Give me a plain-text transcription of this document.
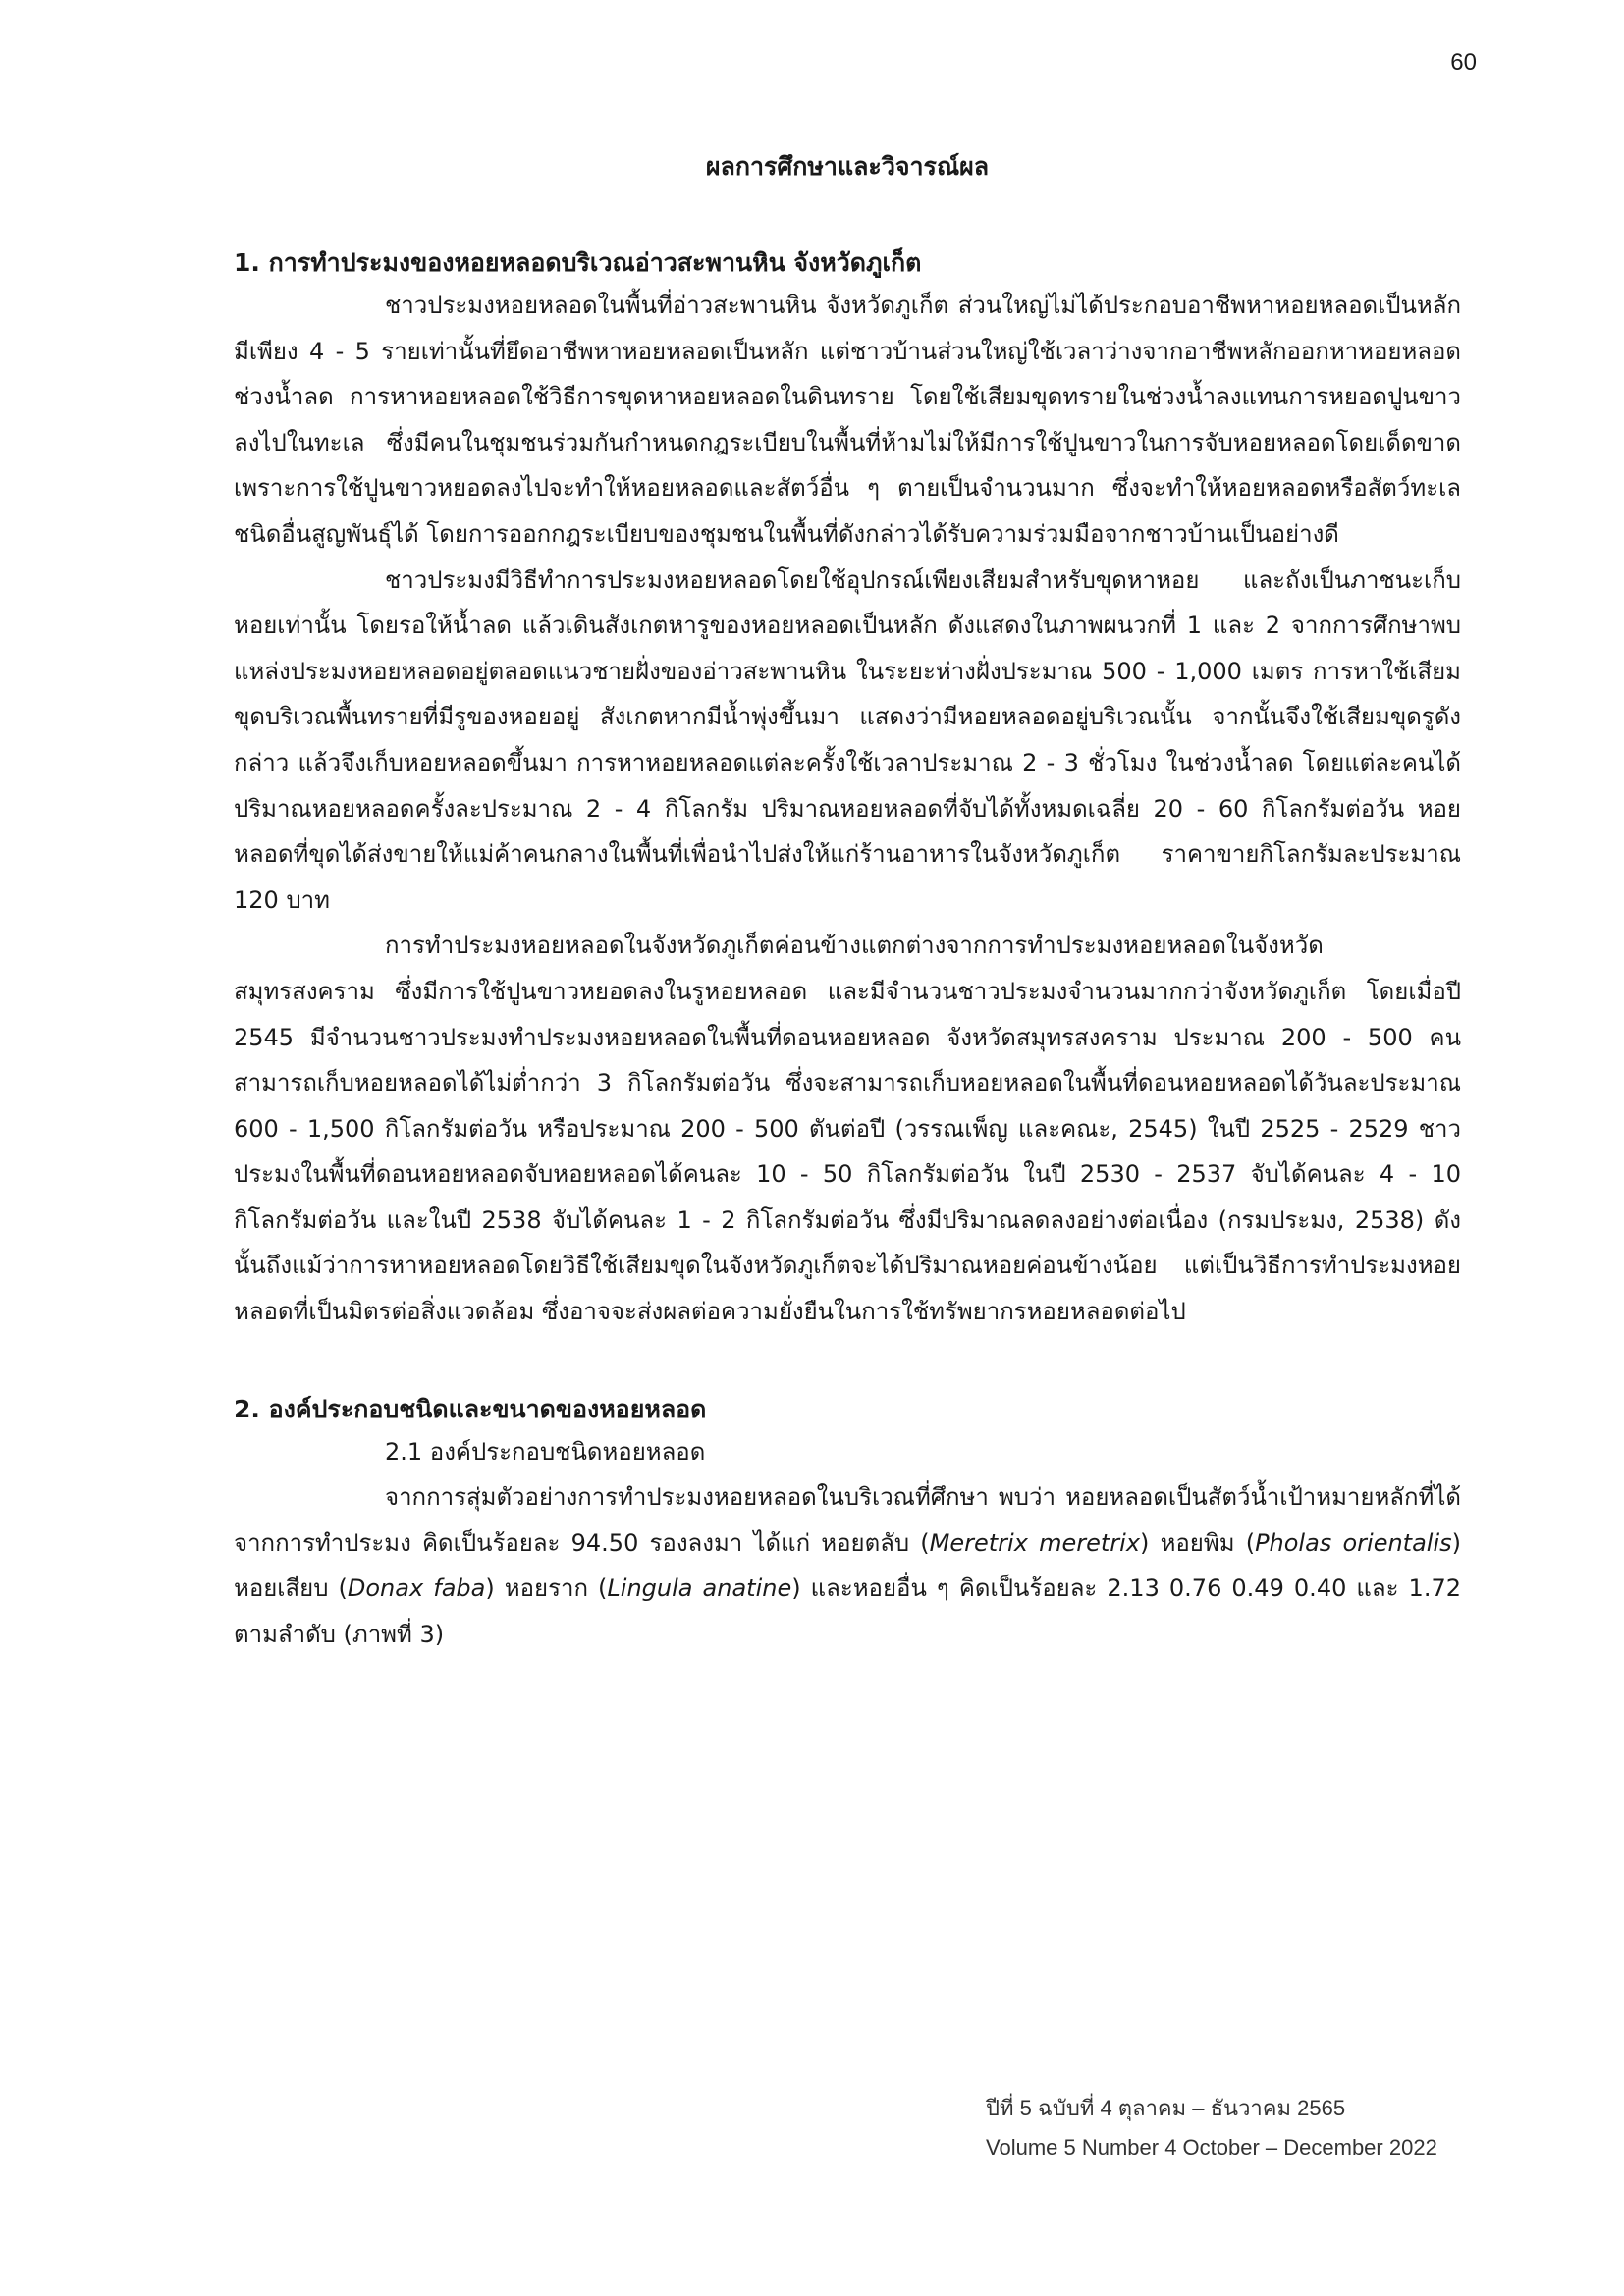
60
ผลการศึกษาและวิจารณ์ผล
1. การทำประมงของหอยหลอดบริเวณอ่าวสะพานหิน จังหวัดภูเก็ต

ชาวประมงหอยหลอดในพื้นที่อ่าวสะพานหิน จังหวัดภูเก็ต ส่วนใหญ่ไม่ได้ประกอบอาชีพหาหอยหลอดเป็นหลัก มีเพียง 4 - 5 รายเท่านั้นที่ยึดอาชีพหาหอยหลอดเป็นหลัก แต่ชาวบ้านส่วนใหญ่ใช้เวลาว่างจากอาชีพหลักออกหาหอยหลอดช่วงน้ำลด การหาหอยหลอดใช้วิธีการขุดหาหอยหลอดในดินทราย โดยใช้เสียมขุดทรายในช่วงน้ำลงแทนการหยอดปูนขาวลงไปในทะเล ซึ่งมีคนในชุมชนร่วมกันกำหนดกฎระเบียบในพื้นที่ห้ามไม่ให้มีการใช้ปูนขาวในการจับหอยหลอดโดยเด็ดขาด เพราะการใช้ปูนขาวหยอดลงไปจะทำให้หอยหลอดและสัตว์อื่น ๆ ตายเป็นจำนวนมาก ซึ่งจะทำให้หอยหลอดหรือสัตว์ทะเลชนิดอื่นสูญพันธุ์ได้ โดยการออกกฎระเบียบของชุมชนในพื้นที่ดังกล่าวได้รับความร่วมมือจากชาวบ้านเป็นอย่างดี

ชาวประมงมีวิธีทำการประมงหอยหลอดโดยใช้อุปกรณ์เพียงเสียมสำหรับขุดหาหอย และถังเป็นภาชนะเก็บหอยเท่านั้น โดยรอให้น้ำลด แล้วเดินสังเกตหารูของหอยหลอดเป็นหลัก ดังแสดงในภาพผนวกที่ 1 และ 2 จากการศึกษาพบแหล่งประมงหอยหลอดอยู่ตลอดแนวชายฝั่งของอ่าวสะพานหิน ในระยะห่างฝั่งประมาณ 500 - 1,000 เมตร การหาใช้เสียมขุดบริเวณพื้นทรายที่มีรูของหอยอยู่ สังเกตหากมีน้ำพุ่งขึ้นมา แสดงว่ามีหอยหลอดอยู่บริเวณนั้น จากนั้นจึงใช้เสียมขุดรูดังกล่าว แล้วจึงเก็บหอยหลอดขึ้นมา การหาหอยหลอดแต่ละครั้งใช้เวลาประมาณ 2 - 3 ชั่วโมง ในช่วงน้ำลด โดยแต่ละคนได้ปริมาณหอยหลอดครั้งละประมาณ 2 - 4 กิโลกรัม ปริมาณหอยหลอดที่จับได้ทั้งหมดเฉลี่ย 20 - 60 กิโลกรัมต่อวัน หอยหลอดที่ขุดได้ส่งขายให้แม่ค้าคนกลางในพื้นที่เพื่อนำไปส่งให้แก่ร้านอาหารในจังหวัดภูเก็ต ราคาขายกิโลกรัมละประมาณ 120 บาท

การทำประมงหอยหลอดในจังหวัดภูเก็ตค่อนข้างแตกต่างจากการทำประมงหอยหลอดในจังหวัดสมุทรสงคราม ซึ่งมีการใช้ปูนขาวหยอดลงในรูหอยหลอด และมีจำนวนชาวประมงจำนวนมากกว่าจังหวัดภูเก็ต โดยเมื่อปี 2545 มีจำนวนชาวประมงทำประมงหอยหลอดในพื้นที่ดอนหอยหลอด จังหวัดสมุทรสงคราม ประมาณ 200 - 500 คน สามารถเก็บหอยหลอดได้ไม่ต่ำกว่า 3 กิโลกรัมต่อวัน ซึ่งจะสามารถเก็บหอยหลอดในพื้นที่ดอนหอยหลอดได้วันละประมาณ 600 - 1,500 กิโลกรัมต่อวัน หรือประมาณ 200 - 500 ตันต่อปี (วรรณเพ็ญ และคณะ, 2545) ในปี 2525 - 2529 ชาวประมงในพื้นที่ดอนหอยหลอดจับหอยหลอดได้คนละ 10 - 50 กิโลกรัมต่อวัน ในปี 2530 - 2537 จับได้คนละ 4 - 10 กิโลกรัมต่อวัน และในปี 2538 จับได้คนละ 1 - 2 กิโลกรัมต่อวัน ซึ่งมีปริมาณลดลงอย่างต่อเนื่อง (กรมประมง, 2538) ดังนั้นถึงแม้ว่าการหาหอยหลอดโดยวิธีใช้เสียมขุดในจังหวัดภูเก็ตจะได้ปริมาณหอยค่อนข้างน้อย แต่เป็นวิธีการทำประมงหอยหลอดที่เป็นมิตรต่อสิ่งแวดล้อม ซึ่งอาจจะส่งผลต่อความยั่งยืนในการใช้ทรัพยากรหอยหลอดต่อไป

2. องค์ประกอบชนิดและขนาดของหอยหลอด

2.1 องค์ประกอบชนิดหอยหลอด

จากการสุ่มตัวอย่างการทำประมงหอยหลอดในบริเวณที่ศึกษา พบว่า หอยหลอดเป็นสัตว์น้ำเป้าหมายหลักที่ได้จากการทำประมง คิดเป็นร้อยละ 94.50 รองลงมา ได้แก่ หอยตลับ (Meretrix meretrix) หอยพิม (Pholas orientalis) หอยเสียบ (Donax faba) หอยราก (Lingula anatine) และหอยอื่น ๆ คิดเป็นร้อยละ 2.13 0.76 0.49 0.40 และ 1.72 ตามลำดับ (ภาพที่ 3)

ปีที่ 5 ฉบับที่ 4 ตุลาคม – ธันวาคม 2565
Volume 5 Number 4 October – December 2022
